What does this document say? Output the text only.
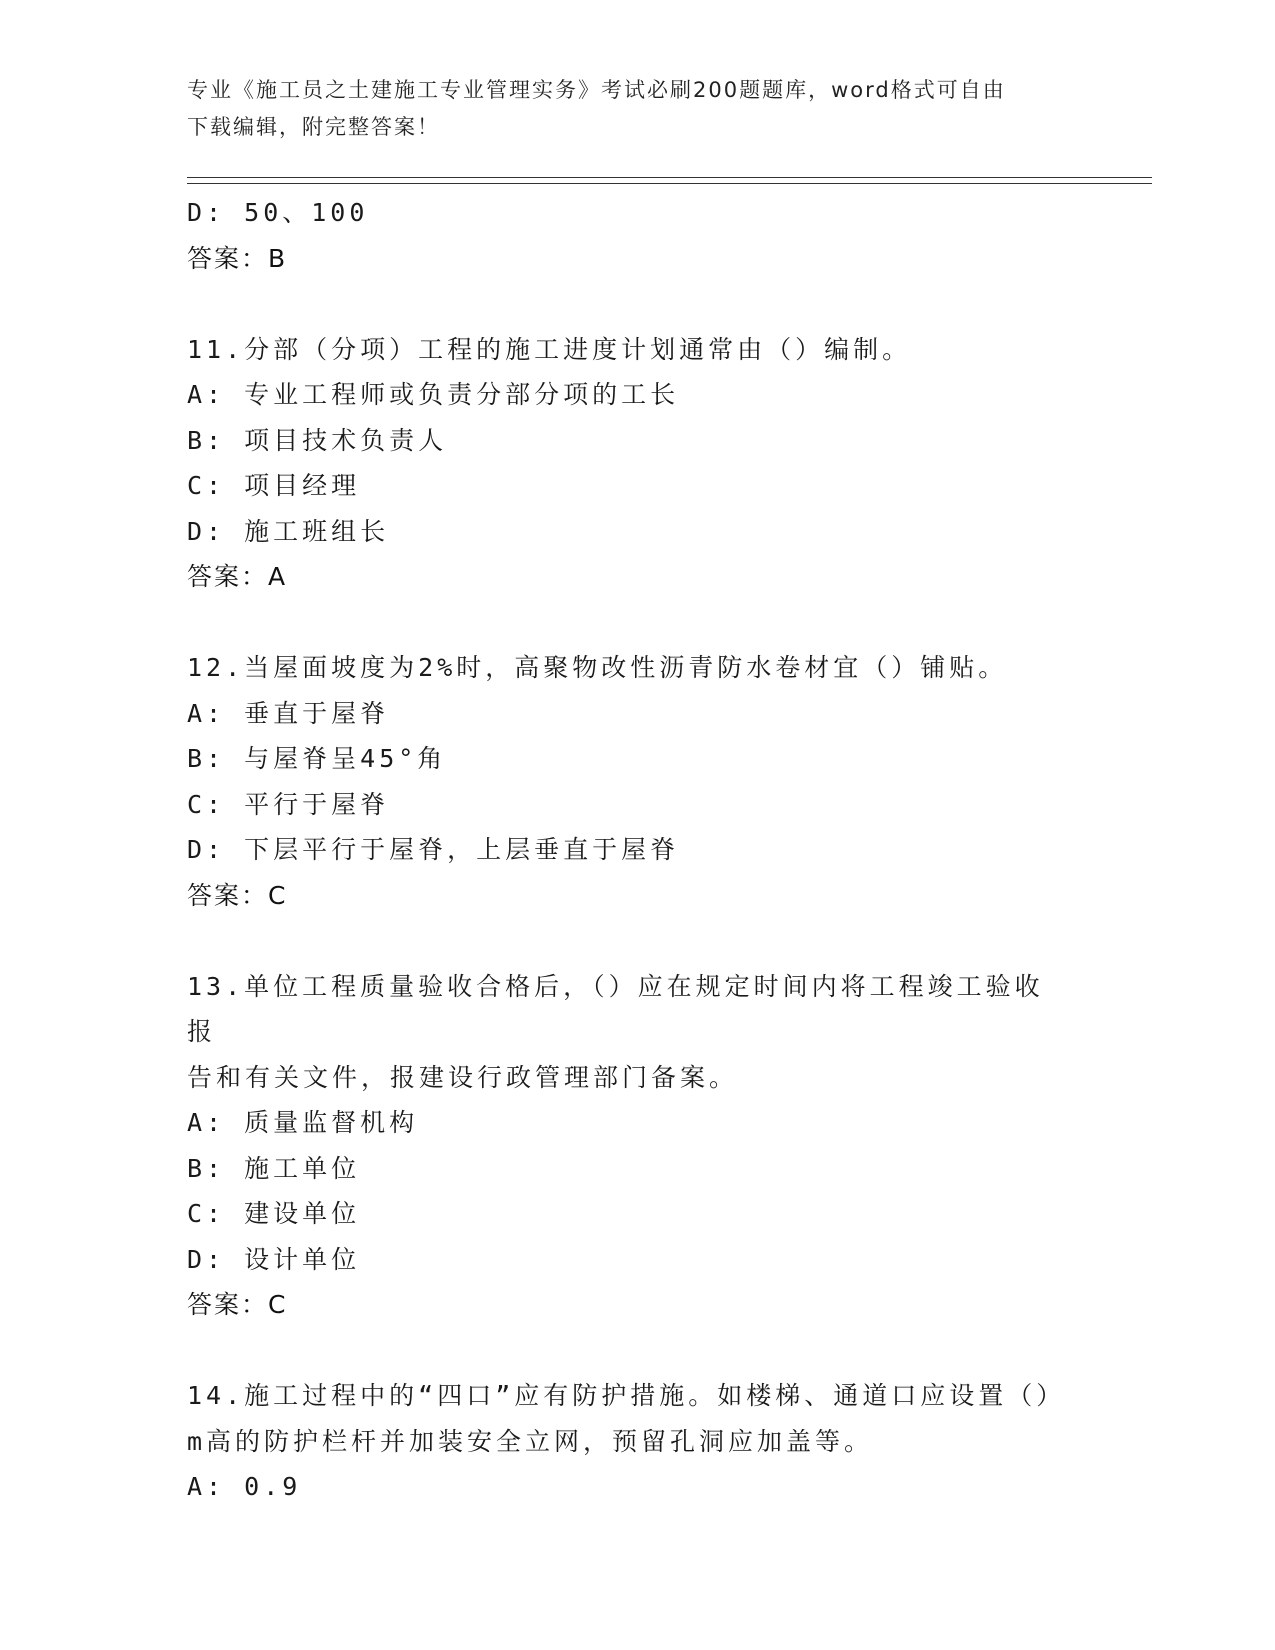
专业《施工员之土建施工专业管理实务》考试必刷200题题库，word格式可自由
下载编辑，附完整答案！
D: 50、100
答案：B
11.分部（分项）工程的施工进度计划通常由（）编制。
A: 专业工程师或负责分部分项的工长
B: 项目技术负责人
C: 项目经理
D: 施工班组长
答案：A
12.当屋面坡度为2%时，高聚物改性沥青防水卷材宜（）铺贴。
A: 垂直于屋脊
B: 与屋脊呈45°角
C: 平行于屋脊
D: 下层平行于屋脊，上层垂直于屋脊
答案：C
13.单位工程质量验收合格后，（）应在规定时间内将工程竣工验收报
告和有关文件，报建设行政管理部门备案。
A: 质量监督机构
B: 施工单位
C: 建设单位
D: 设计单位
答案：C
14.施工过程中的“四口”应有防护措施。如楼梯、通道口应设置（）
m高的防护栏杆并加装安全立网，预留孔洞应加盖等。
A: 0.9
